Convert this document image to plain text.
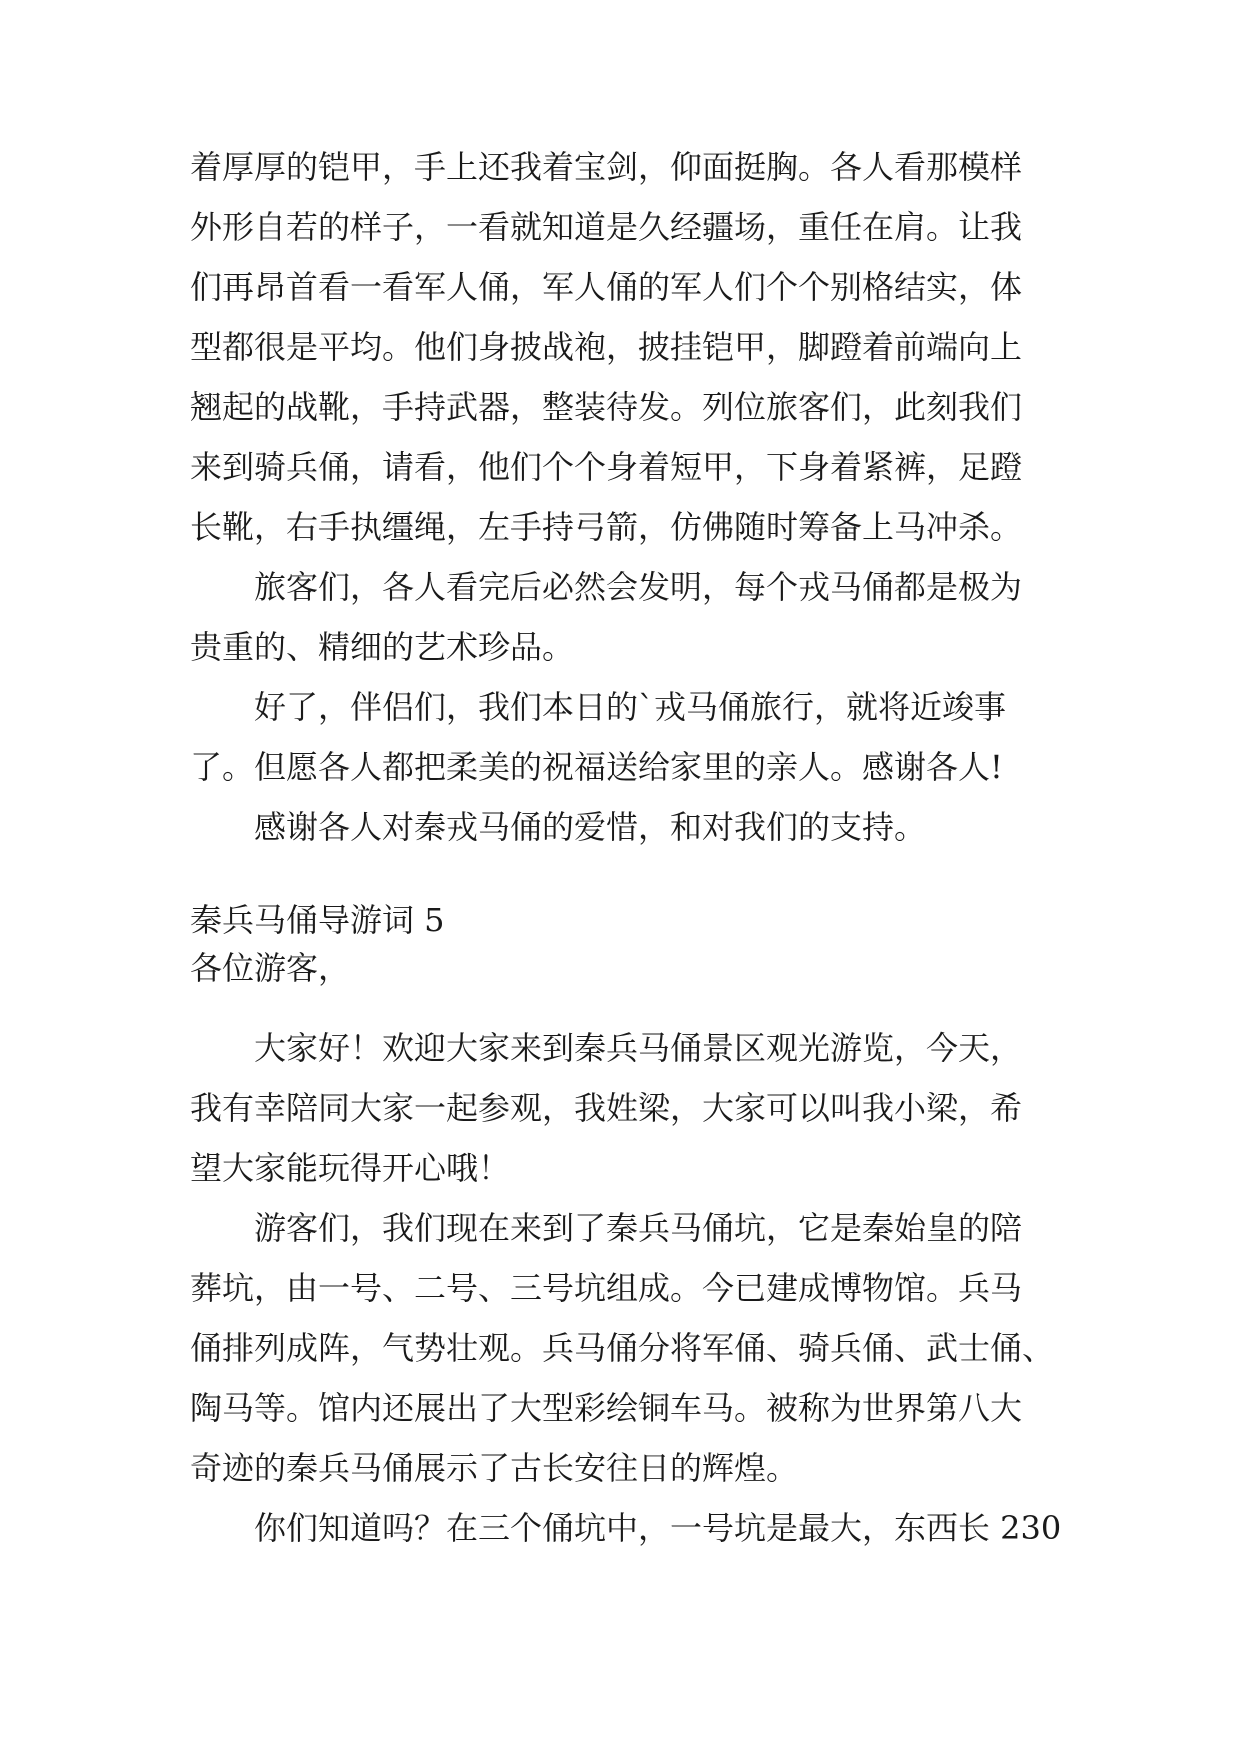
着厚厚的铠甲，手上还我着宝剑，仰面挺胸。各人看那模样
外形自若的样子，一看就知道是久经疆场，重任在肩。让我
们再昂首看一看军人俑，军人俑的军人们个个别格结实，体
型都很是平均。他们身披战袍，披挂铠甲，脚蹬着前端向上
翘起的战靴，手持武器，整装待发。列位旅客们，此刻我们
来到骑兵俑，请看，他们个个身着短甲，下身着紧裤，足蹬
长靴，右手执缰绳，左手持弓箭，仿佛随时筹备上马冲杀。
旅客们，各人看完后必然会发明，每个戎马俑都是极为
贵重的、精细的艺术珍品。
好了，伴侣们，我们本日的`戎马俑旅行，就将近竣事
了。但愿各人都把柔美的祝福送给家里的亲人。感谢各人!
感谢各人对秦戎马俑的爱惜，和对我们的支持。
秦兵马俑导游词 5
各位游客，
大家好！欢迎大家来到秦兵马俑景区观光游览，今天，
我有幸陪同大家一起参观，我姓梁，大家可以叫我小梁，希
望大家能玩得开心哦！
游客们，我们现在来到了秦兵马俑坑，它是秦始皇的陪
葬坑，由一号、二号、三号坑组成。今已建成博物馆。兵马
俑排列成阵，气势壮观。兵马俑分将军俑、骑兵俑、武士俑、
陶马等。馆内还展出了大型彩绘铜车马。被称为世界第八大
奇迹的秦兵马俑展示了古长安往日的辉煌。
你们知道吗？在三个俑坑中，一号坑是最大，东西长 230
